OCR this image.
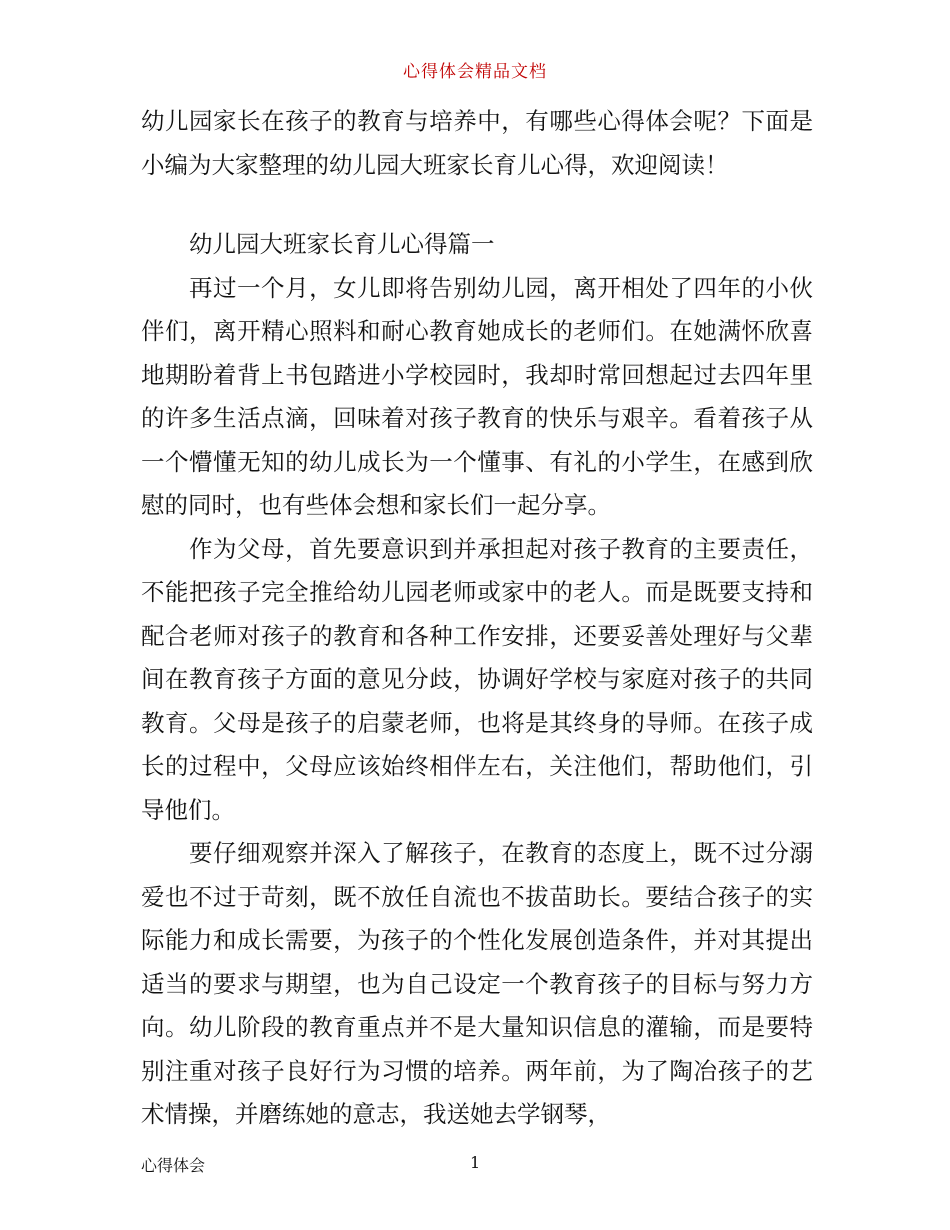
心得体会精品文档

幼儿园家长在孩子的教育与培养中，有哪些心得体会呢？下面是小编为大家整理的幼儿园大班家长育儿心得，欢迎阅读！

幼儿园大班家长育儿心得篇一

再过一个月，女儿即将告别幼儿园，离开相处了四年的小伙伴们，离开精心照料和耐心教育她成长的老师们。在她满怀欣喜地期盼着背上书包踏进小学校园时，我却时常回想起过去四年里的许多生活点滴，回味着对孩子教育的快乐与艰辛。看着孩子从一个懵懂无知的幼儿成长为一个懂事、有礼的小学生，在感到欣慰的同时，也有些体会想和家长们一起分享。

作为父母，首先要意识到并承担起对孩子教育的主要责任，不能把孩子完全推给幼儿园老师或家中的老人。而是既要支持和配合老师对孩子的教育和各种工作安排，还要妥善处理好与父辈间在教育孩子方面的意见分歧，协调好学校与家庭对孩子的共同教育。父母是孩子的启蒙老师，也将是其终身的导师。在孩子成长的过程中，父母应该始终相伴左右，关注他们，帮助他们，引导他们。

要仔细观察并深入了解孩子，在教育的态度上，既不过分溺爱也不过于苛刻，既不放任自流也不拔苗助长。要结合孩子的实际能力和成长需要，为孩子的个性化发展创造条件，并对其提出适当的要求与期望，也为自己设定一个教育孩子的目标与努力方向。幼儿阶段的教育重点并不是大量知识信息的灌输，而是要特别注重对孩子良好行为习惯的培养。两年前，为了陶冶孩子的艺术情操，并磨练她的意志，我送她去学钢琴，

心得体会	1
